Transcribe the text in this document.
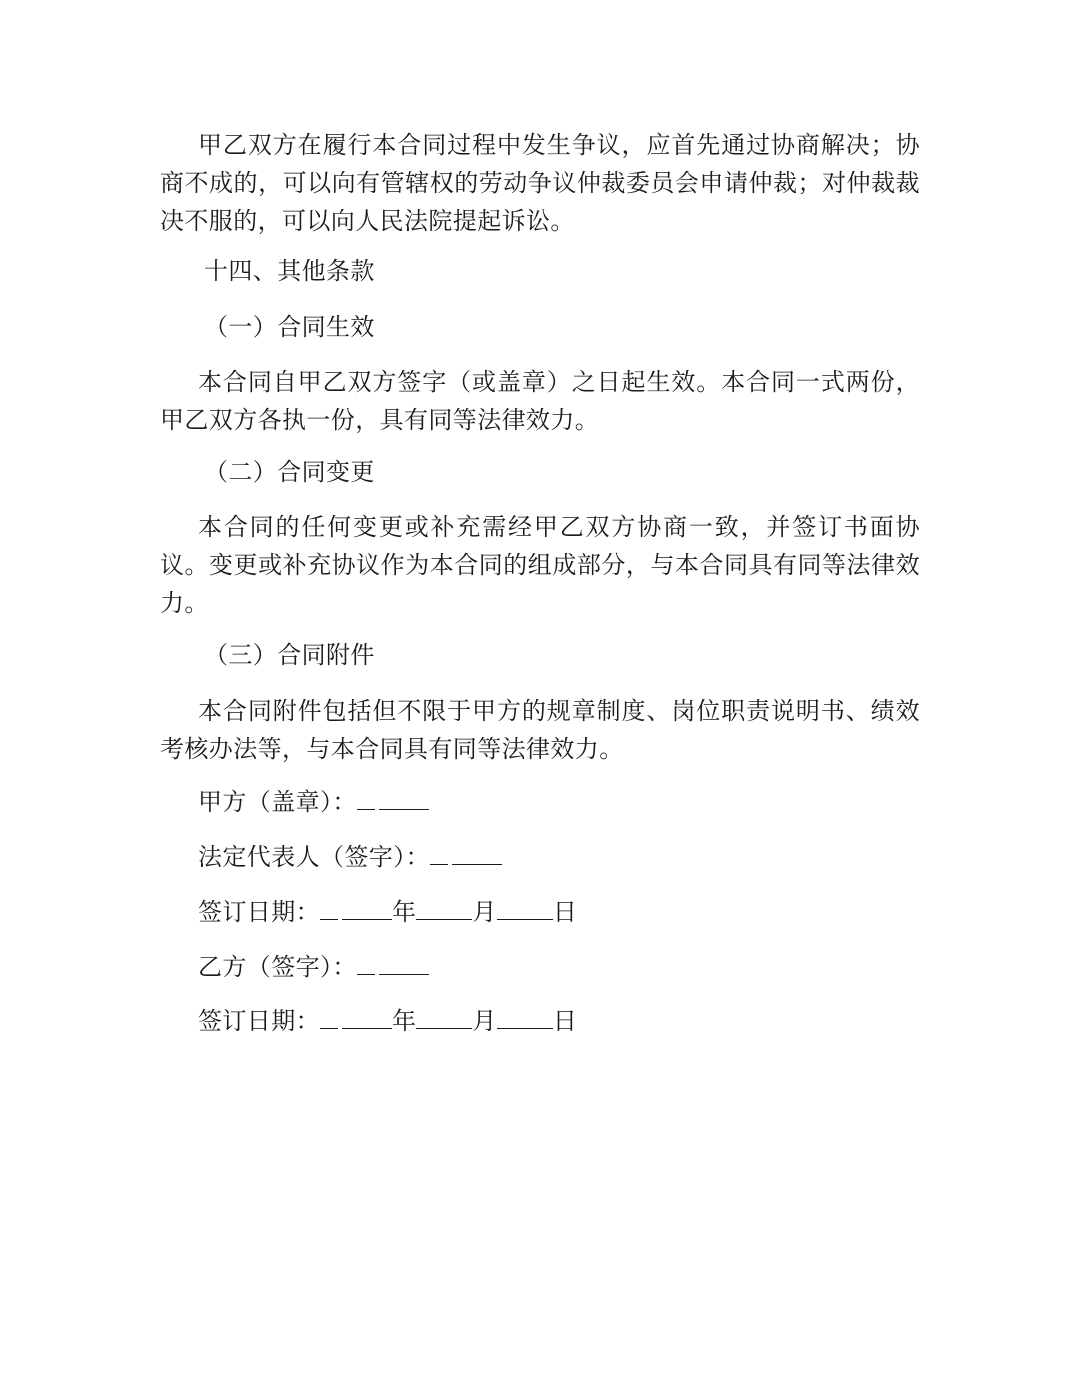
甲乙双方在履行本合同过程中发生争议，应首先通过协商解决；协商不成的，可以向有管辖权的劳动争议仲裁委员会申请仲裁；对仲裁裁决不服的，可以向人民法院提起诉讼。

十四、其他条款

（一）合同生效

本合同自甲乙双方签字（或盖章）之日起生效。本合同一式两份，甲乙双方各执一份，具有同等法律效力。

（二）合同变更

本合同的任何变更或补充需经甲乙双方协商一致，并签订书面协议。变更或补充协议作为本合同的组成部分，与本合同具有同等法律效力。

（三）合同附件

本合同附件包括但不限于甲方的规章制度、岗位职责说明书、绩效考核办法等，与本合同具有同等法律效力。

甲方（盖章）：
法定代表人（签字）：
签订日期：	年 月 日
乙方（签字）：
签订日期：	年 月 日
